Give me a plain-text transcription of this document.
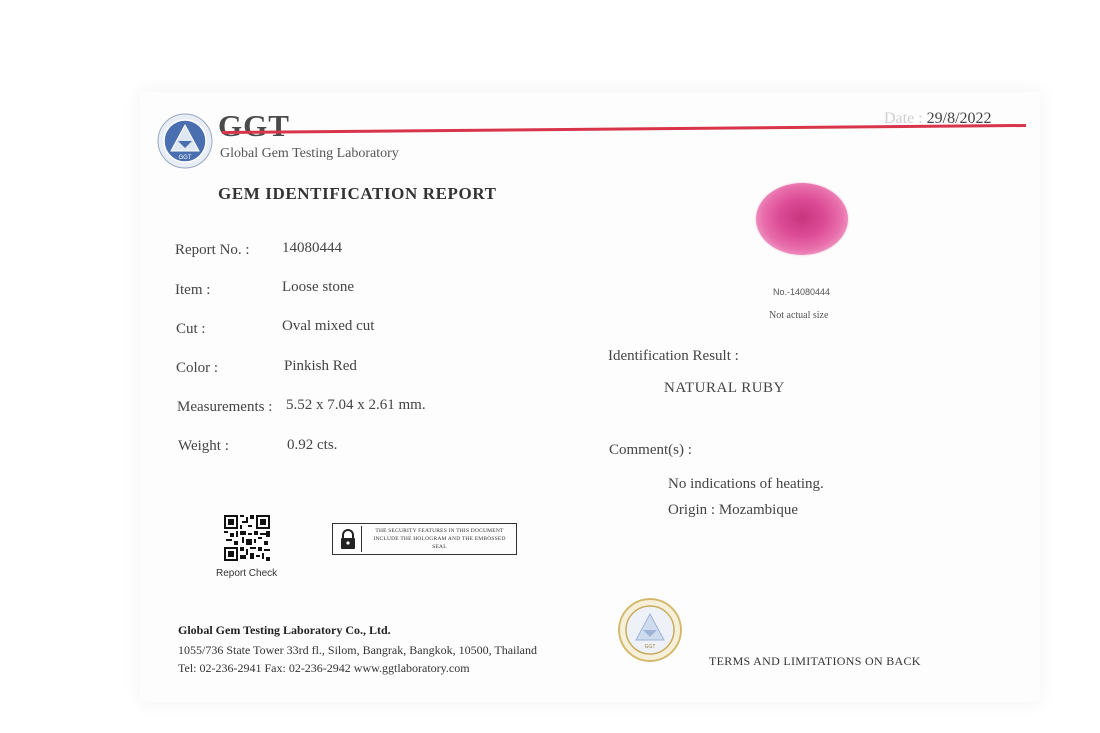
GGT
GGT
Global Gem Testing Laboratory
Date : 29/8/2022
GEM IDENTIFICATION REPORT
Report No. : 14080444
Item :	Loose stone
Cut :	Oval mixed cut
Color :	Pinkish Red
Measurements : 5.52 x 7.04 x 2.61 mm.
Weight :	0.92 cts.
No.-14080444
Not actual size
Identification Result :
NATURAL RUBY
Comment(s) :
No indications of heating.
Origin : Mozambique
Report Check
THE SECURITY FEATURES IN THIS DOCUMENT INCLUDE THE HOLOGRAM AND THE EMBOSSED SEAL
Global Gem Testing Laboratory Co., Ltd.
1055/736 State Tower 33rd fl., Silom, Bangrak, Bangkok, 10500, Thailand
Tel: 02-236-2941 Fax: 02-236-2942 www.ggtlaboratory.com
GGT
TERMS AND LIMITATIONS ON BACK
